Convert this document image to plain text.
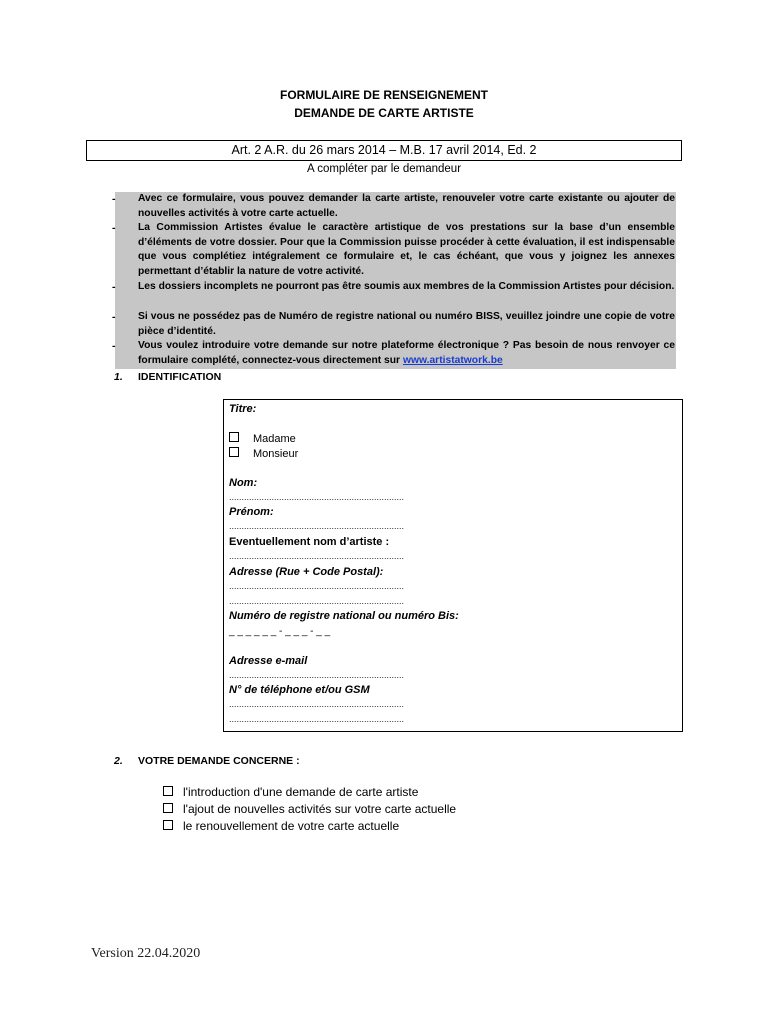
FORMULAIRE DE RENSEIGNEMENT
DEMANDE DE CARTE ARTISTE
Art. 2 A.R. du 26 mars 2014 – M.B. 17 avril 2014, Ed. 2
A compléter par le demandeur
- Avec ce formulaire, vous pouvez demander la carte artiste, renouveler votre carte existante ou ajouter de nouvelles activités à votre carte actuelle.
- La Commission Artistes évalue le caractère artistique de vos prestations sur la base d’un ensemble d’éléments de votre dossier. Pour que la Commission puisse procéder à cette évaluation, il est indispensable que vous complétiez intégralement ce formulaire et, le cas échéant, que vous y joignez les annexes permettant d’établir la nature de votre activité.
- Les dossiers incomplets ne pourront pas être soumis aux membres de la Commission Artistes pour décision.
- Si vous ne possédez pas de Numéro de registre national ou numéro BISS, veuillez joindre une copie de votre pièce d’identité.
- Vous voulez introduire votre demande sur notre plateforme électronique ? Pas besoin de nous renvoyer ce formulaire complété, connectez-vous directement sur www.artistatwork.be
1. IDENTIFICATION
Titre:
Madame
Monsieur
Nom:
......................................................................
Prénom:
......................................................................
Eventuellement nom d’artiste :
......................................................................
Adresse (Rue + Code Postal):
......................................................................
......................................................................
Numéro de registre national ou numéro Bis:
_ _ _ _ _ _ - _ _ _ - _ _
Adresse e-mail
......................................................................
N° de téléphone et/ou GSM
......................................................................
......................................................................
2. VOTRE DEMANDE CONCERNE :
l'introduction d'une demande de carte artiste
l'ajout de nouvelles activités sur votre carte actuelle
le renouvellement de votre carte actuelle
Version 22.04.2020
